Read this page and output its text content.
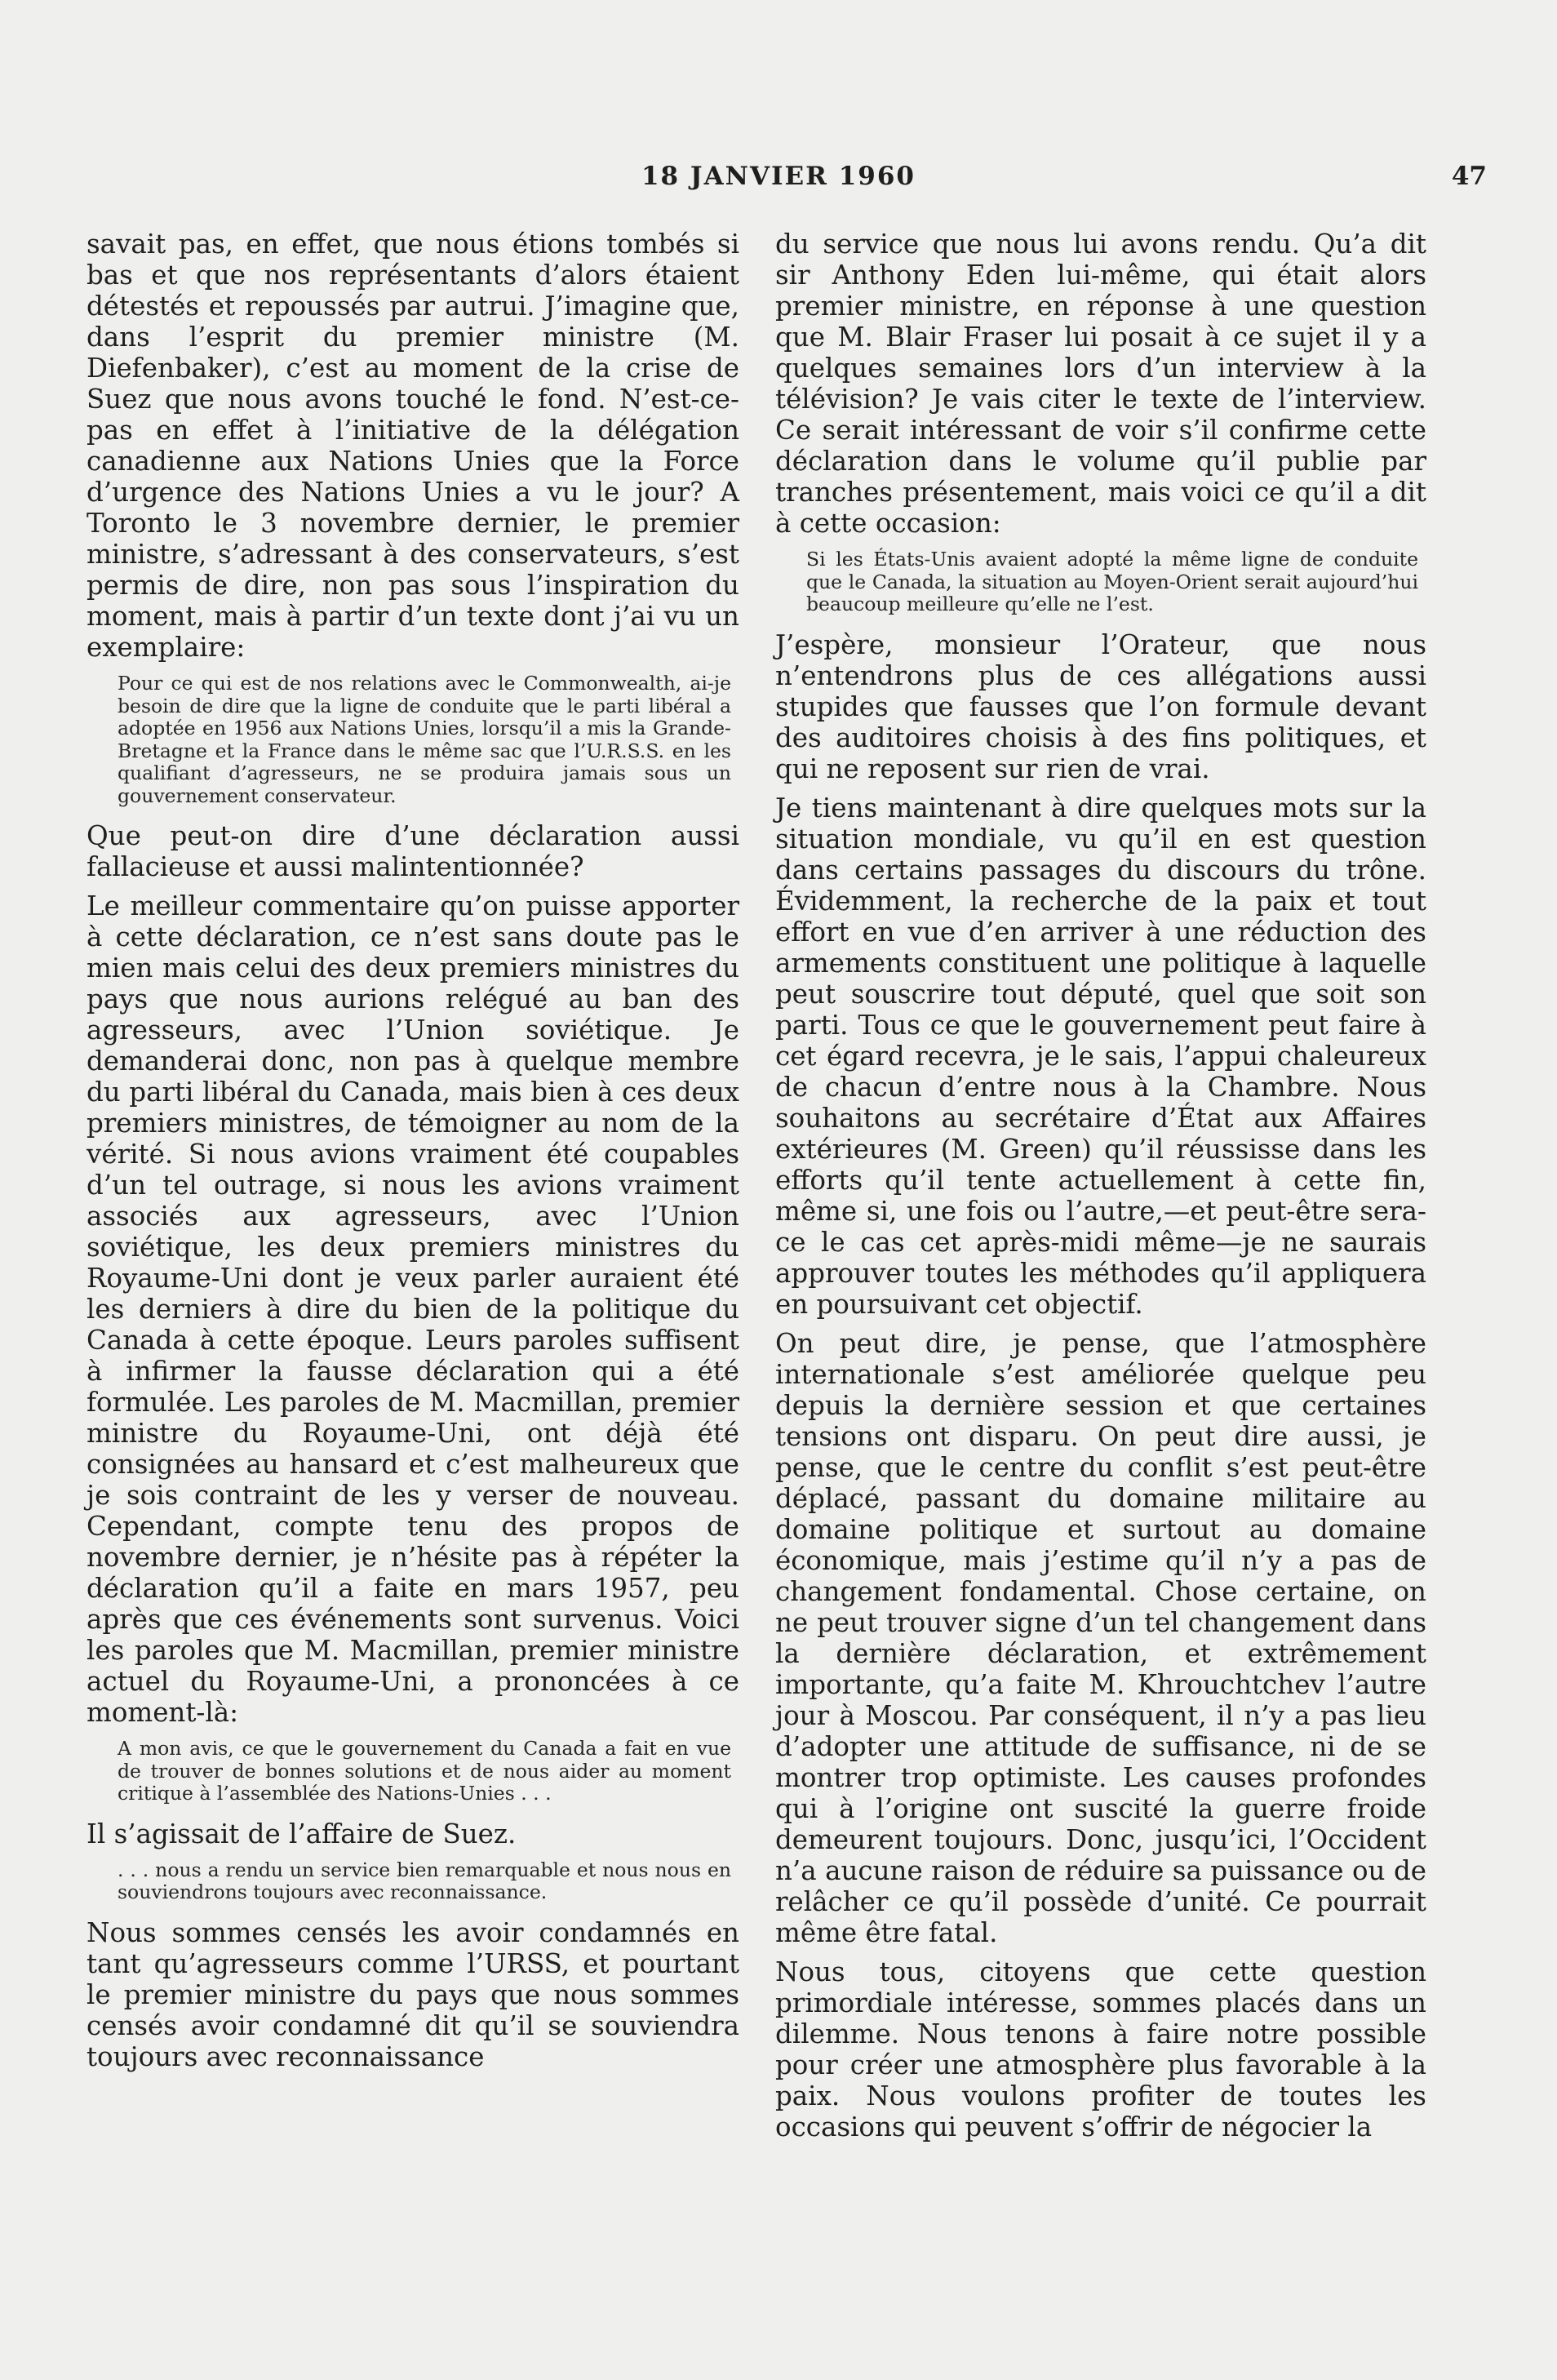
18 JANVIER 1960	47

savait pas, en effet, que nous étions tombés si bas et que nos représentants d’alors étaient détestés et repoussés par autrui. J’imagine que, dans l’esprit du premier ministre (M. Diefenbaker), c’est au moment de la crise de Suez que nous avons touché le fond. N’est-ce-pas en effet à l’initiative de la délégation canadienne aux Nations Unies que la Force d’urgence des Nations Unies a vu le jour? A Toronto le 3 novembre dernier, le premier ministre, s’adressant à des conservateurs, s’est permis de dire, non pas sous l’inspiration du moment, mais à partir d’un texte dont j’ai vu un exemplaire:

Pour ce qui est de nos relations avec le Commonwealth, ai-je besoin de dire que la ligne de conduite que le parti libéral a adoptée en 1956 aux Nations Unies, lorsqu’il a mis la Grande-Bretagne et la France dans le même sac que l’U.R.S.S. en les qualifiant d’agresseurs, ne se produira jamais sous un gouvernement conservateur.

Que peut-on dire d’une déclaration aussi fallacieuse et aussi malintentionnée?

Le meilleur commentaire qu’on puisse apporter à cette déclaration, ce n’est sans doute pas le mien mais celui des deux premiers ministres du pays que nous aurions relégué au ban des agresseurs, avec l’Union soviétique. Je demanderai donc, non pas à quelque membre du parti libéral du Canada, mais bien à ces deux premiers ministres, de témoigner au nom de la vérité. Si nous avions vraiment été coupables d’un tel outrage, si nous les avions vraiment associés aux agresseurs, avec l’Union soviétique, les deux premiers ministres du Royaume-Uni dont je veux parler auraient été les derniers à dire du bien de la politique du Canada à cette époque. Leurs paroles suffisent à infirmer la fausse déclaration qui a été formulée. Les paroles de M. Macmillan, premier ministre du Royaume-Uni, ont déjà été consignées au hansard et c’est malheureux que je sois contraint de les y verser de nouveau. Cependant, compte tenu des propos de novembre dernier, je n’hésite pas à répéter la déclaration qu’il a faite en mars 1957, peu après que ces événements sont survenus. Voici les paroles que M. Macmillan, premier ministre actuel du Royaume-Uni, a prononcées à ce moment-là:

A mon avis, ce que le gouvernement du Canada a fait en vue de trouver de bonnes solutions et de nous aider au moment critique à l’assemblée des Nations-Unies . . .

Il s’agissait de l’affaire de Suez.

. . . nous a rendu un service bien remarquable et nous nous en souviendrons toujours avec reconnaissance.

Nous sommes censés les avoir condamnés en tant qu’agresseurs comme l’URSS, et pourtant le premier ministre du pays que nous sommes censés avoir condamné dit qu’il se souviendra toujours avec reconnaissance

du service que nous lui avons rendu. Qu’a dit sir Anthony Eden lui-même, qui était alors premier ministre, en réponse à une question que M. Blair Fraser lui posait à ce sujet il y a quelques semaines lors d’un interview à la télévision? Je vais citer le texte de l’interview. Ce serait intéressant de voir s’il confirme cette déclaration dans le volume qu’il publie par tranches présentement, mais voici ce qu’il a dit à cette occasion:

Si les États-Unis avaient adopté la même ligne de conduite que le Canada, la situation au Moyen-Orient serait aujourd’hui beaucoup meilleure qu’elle ne l’est.

J’espère, monsieur l’Orateur, que nous n’entendrons plus de ces allégations aussi stupides que fausses que l’on formule devant des auditoires choisis à des fins politiques, et qui ne reposent sur rien de vrai.

Je tiens maintenant à dire quelques mots sur la situation mondiale, vu qu’il en est question dans certains passages du discours du trône. Évidemment, la recherche de la paix et tout effort en vue d’en arriver à une réduction des armements constituent une politique à laquelle peut souscrire tout député, quel que soit son parti. Tous ce que le gouvernement peut faire à cet égard recevra, je le sais, l’appui chaleureux de chacun d’entre nous à la Chambre. Nous souhaitons au secrétaire d’État aux Affaires extérieures (M. Green) qu’il réussisse dans les efforts qu’il tente actuellement à cette fin, même si, une fois ou l’autre,—et peut-être sera-ce le cas cet après-midi même—je ne saurais approuver toutes les méthodes qu’il appliquera en poursuivant cet objectif.

On peut dire, je pense, que l’atmosphère internationale s’est améliorée quelque peu depuis la dernière session et que certaines tensions ont disparu. On peut dire aussi, je pense, que le centre du conflit s’est peut-être déplacé, passant du domaine militaire au domaine politique et surtout au domaine économique, mais j’estime qu’il n’y a pas de changement fondamental. Chose certaine, on ne peut trouver signe d’un tel changement dans la dernière déclaration, et extrêmement importante, qu’a faite M. Khrouchtchev l’autre jour à Moscou. Par conséquent, il n’y a pas lieu d’adopter une attitude de suffisance, ni de se montrer trop optimiste. Les causes profondes qui à l’origine ont suscité la guerre froide demeurent toujours. Donc, jusqu’ici, l’Occident n’a aucune raison de réduire sa puissance ou de relâcher ce qu’il possède d’unité. Ce pourrait même être fatal.

Nous tous, citoyens que cette question primordiale intéresse, sommes placés dans un dilemme. Nous tenons à faire notre possible pour créer une atmosphère plus favorable à la paix. Nous voulons profiter de toutes les occasions qui peuvent s’offrir de négocier la
